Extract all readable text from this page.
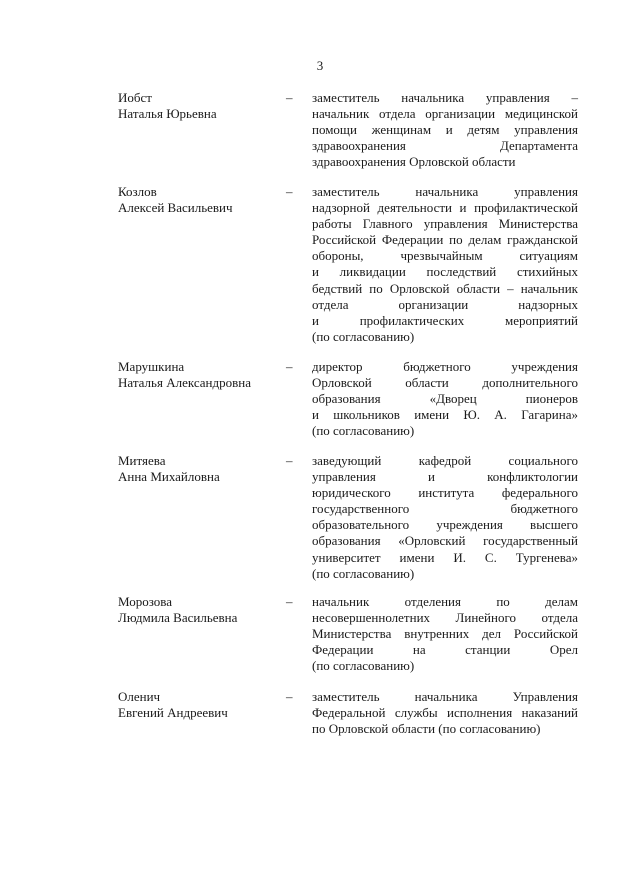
3
Иобст
Наталья Юрьевна
– заместитель начальника управления –
начальник отдела организации медицинской
помощи женщинам и детям управления
здравоохранения Департамента
здравоохранения Орловской области
Козлов
Алексей Васильевич
– заместитель начальника управления
надзорной деятельности и профилактической
работы Главного управления Министерства
Российской Федерации по делам гражданской
обороны, чрезвычайным ситуациям
и ликвидации последствий стихийных
бедствий по Орловской области – начальник
отдела организации надзорных
и профилактических мероприятий
(по согласованию)
Марушкина
Наталья Александровна
– директор бюджетного учреждения
Орловской области дополнительного
образования «Дворец пионеров
и школьников имени Ю. А. Гагарина»
(по согласованию)
Митяева
Анна Михайловна
– заведующий кафедрой социального
управления и конфликтологии
юридического института федерального
государственного бюджетного
образовательного учреждения высшего
образования «Орловский государственный
университет имени И. С. Тургенева»
(по согласованию)
Морозова
Людмила Васильевна
– начальник отделения по делам
несовершеннолетних Линейного отдела
Министерства внутренних дел Российской
Федерации на станции Орел
(по согласованию)
Оленич
Евгений Андреевич
– заместитель начальника Управления
Федеральной службы исполнения наказаний
по Орловской области (по согласованию)
